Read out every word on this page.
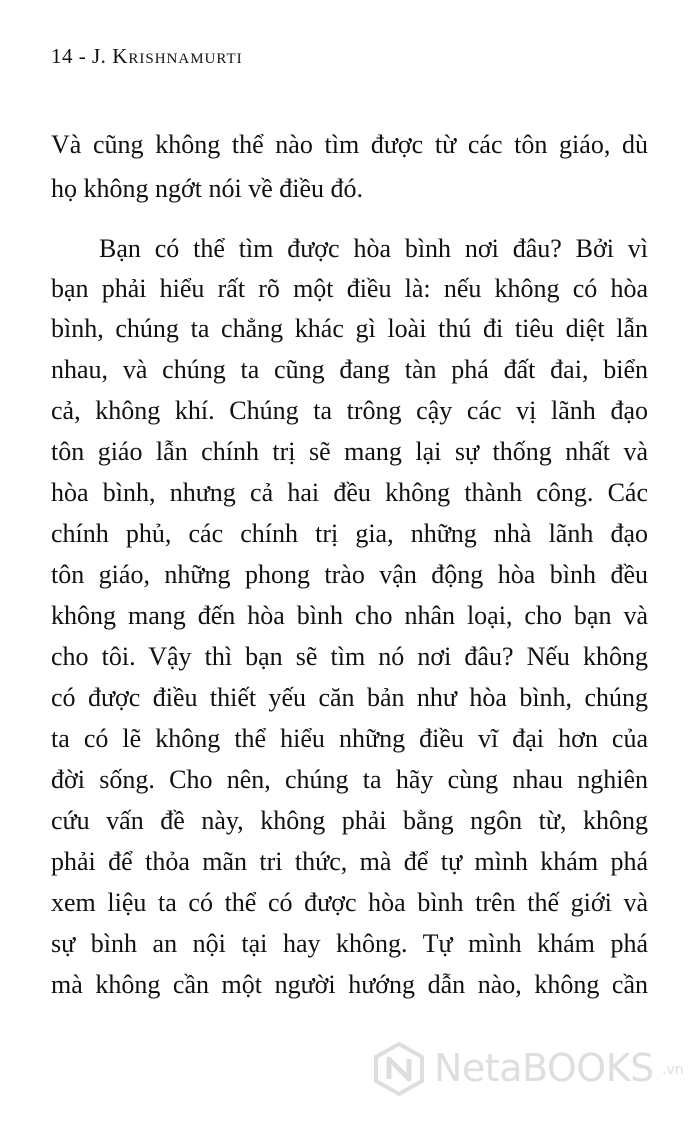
14 - J. Krishnamurti
Và cũng không thể nào tìm được từ các tôn giáo, dù
họ không ngớt nói về điều đó.
Bạn có thể tìm được hòa bình nơi đâu? Bởi vì
bạn phải hiểu rất rõ một điều là: nếu không có hòa
bình, chúng ta chẳng khác gì loài thú đi tiêu diệt lẫn
nhau, và chúng ta cũng đang tàn phá đất đai, biển
cả, không khí. Chúng ta trông cậy các vị lãnh đạo
tôn giáo lẫn chính trị sẽ mang lại sự thống nhất và
hòa bình, nhưng cả hai đều không thành công. Các
chính phủ, các chính trị gia, những nhà lãnh đạo
tôn giáo, những phong trào vận động hòa bình đều
không mang đến hòa bình cho nhân loại, cho bạn và
cho tôi. Vậy thì bạn sẽ tìm nó nơi đâu? Nếu không
có được điều thiết yếu căn bản như hòa bình, chúng
ta có lẽ không thể hiểu những điều vĩ đại hơn của
đời sống. Cho nên, chúng ta hãy cùng nhau nghiên
cứu vấn đề này, không phải bằng ngôn từ, không
phải để thỏa mãn tri thức, mà để tự mình khám phá
xem liệu ta có thể có được hòa bình trên thế giới và
sự bình an nội tại hay không. Tự mình khám phá
mà không cần một người hướng dẫn nào, không cần
NetaBOOKS .vn
